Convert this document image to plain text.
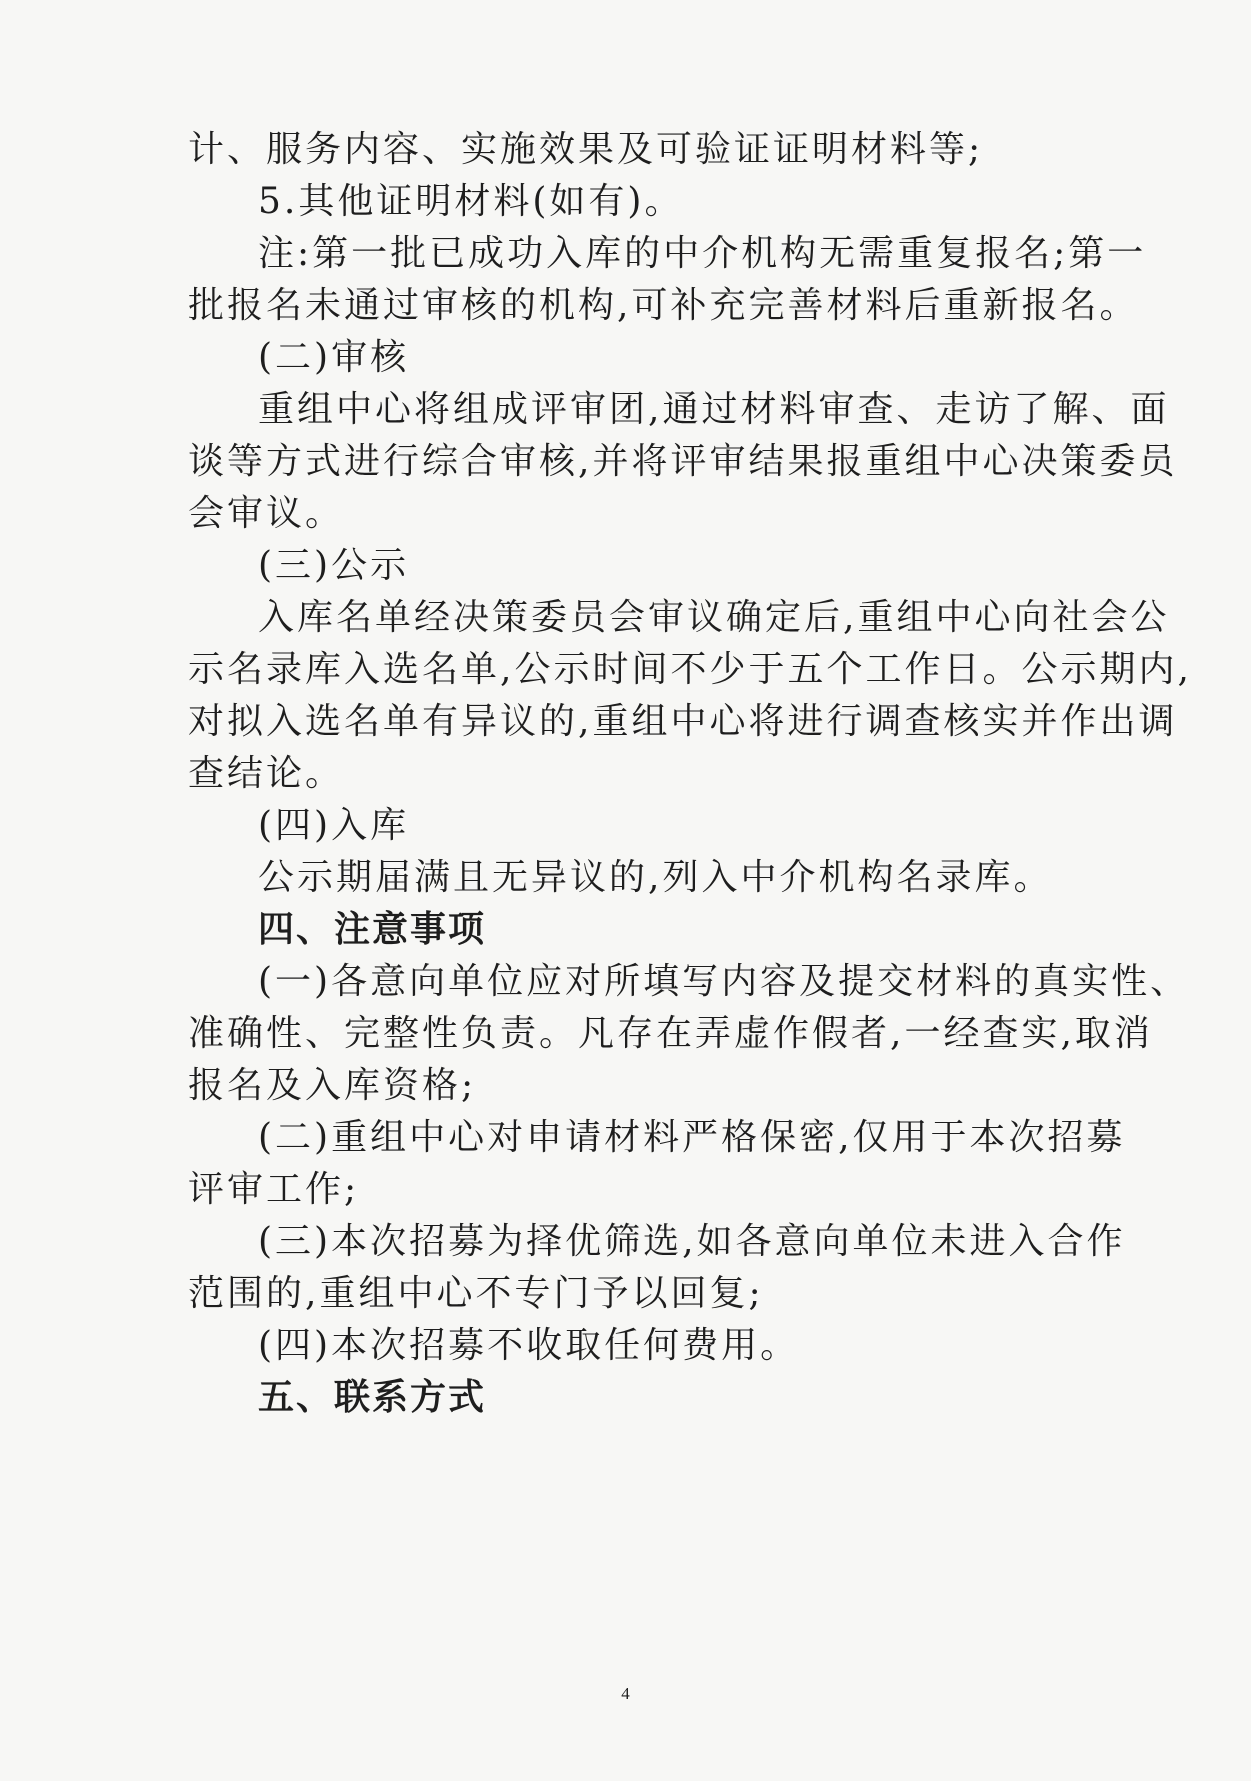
计、服务内容、实施效果及可验证证明材料等;
5.其他证明材料(如有)。
注:第一批已成功入库的中介机构无需重复报名;第一
批报名未通过审核的机构,可补充完善材料后重新报名。
(二)审核
重组中心将组成评审团,通过材料审查、走访了解、面
谈等方式进行综合审核,并将评审结果报重组中心决策委员
会审议。
(三)公示
入库名单经决策委员会审议确定后,重组中心向社会公
示名录库入选名单,公示时间不少于五个工作日。公示期内,
对拟入选名单有异议的,重组中心将进行调查核实并作出调
查结论。
(四)入库
公示期届满且无异议的,列入中介机构名录库。
四、注意事项
(一)各意向单位应对所填写内容及提交材料的真实性、
准确性、完整性负责。凡存在弄虚作假者,一经查实,取消
报名及入库资格;
(二)重组中心对申请材料严格保密,仅用于本次招募
评审工作;
(三)本次招募为择优筛选,如各意向单位未进入合作
范围的,重组中心不专门予以回复;
(四)本次招募不收取任何费用。
五、联系方式
4
